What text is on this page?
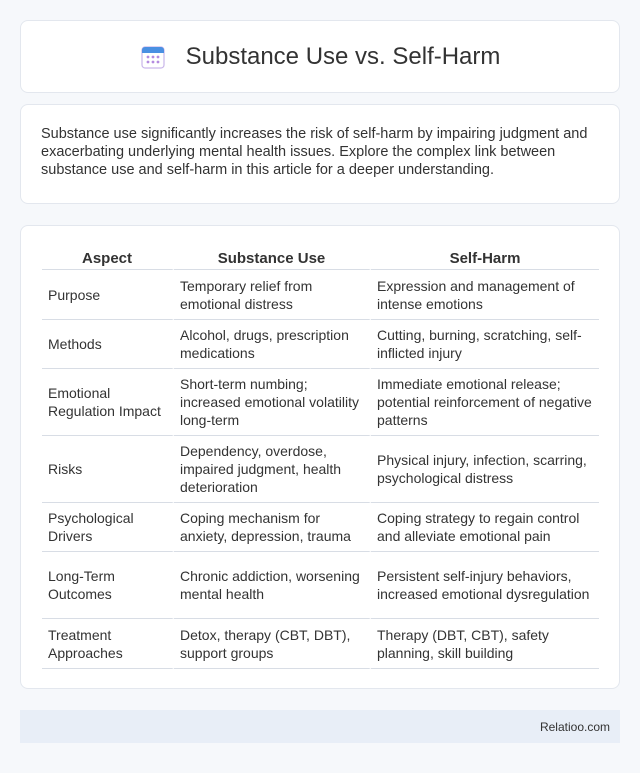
Substance Use vs. Self-Harm

Substance use significantly increases the risk of self-harm by impairing judgment and exacerbating underlying mental health issues. Explore the complex link between substance use and self-harm in this article for a deeper understanding.

Aspect	Substance Use	Self-Harm
Purpose	Temporary relief from emotional distress	Expression and management of intense emotions
Methods	Alcohol, drugs, prescription medications	Cutting, burning, scratching, self-inflicted injury
Emotional Regulation Impact	Short-term numbing; increased emotional volatility long-term	Immediate emotional release; potential reinforcement of negative patterns
Risks	Dependency, overdose, impaired judgment, health deterioration	Physical injury, infection, scarring, psychological distress
Psychological Drivers	Coping mechanism for anxiety, depression, trauma	Coping strategy to regain control and alleviate emotional pain
Long-Term Outcomes	Chronic addiction, worsening mental health	Persistent self-injury behaviors, increased emotional dysregulation
Treatment Approaches	Detox, therapy (CBT, DBT), support groups	Therapy (DBT, CBT), safety planning, skill building
Relatioo.com
